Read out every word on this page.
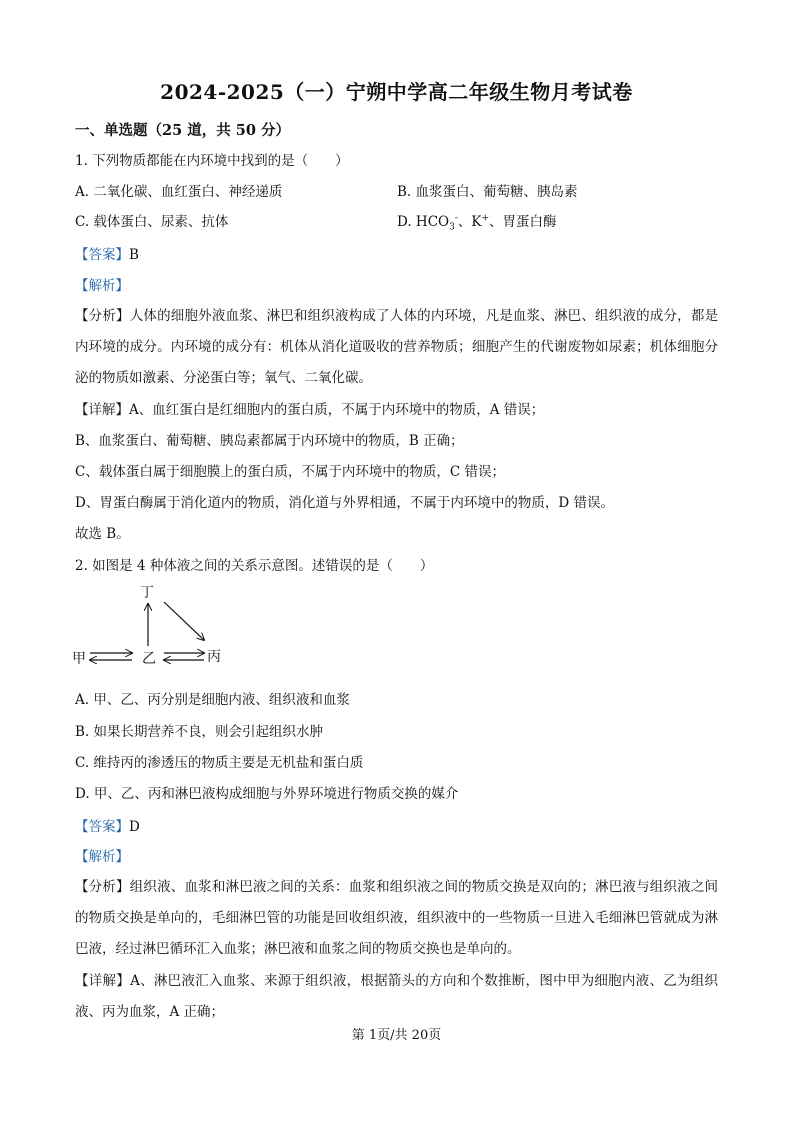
2024-2025（一）宁朔中学高二年级生物月考试卷
一、单选题（25 道，共 50 分）
1. 下列物质都能在内环境中找到的是（　　）
A. 二氧化碳、血红蛋白、神经递质	B. 血浆蛋白、葡萄糖、胰岛素
C. 载体蛋白、尿素、抗体	D. $HCO_3^-$、K+、胃蛋白酶
【答案】B
【解析】
【分析】人体的细胞外液血浆、淋巴和组织液构成了人体的内环境，凡是血浆、淋巴、组织液的成分，都是内环境的成分。内环境的成分有：机体从消化道吸收的营养物质；细胞产生的代谢废物如尿素；机体细胞分泌的物质如激素、分泌蛋白等；氧气、二氧化碳。
【详解】A、血红蛋白是红细胞内的蛋白质，不属于内环境中的物质，A 错误；
B、血浆蛋白、葡萄糖、胰岛素都属于内环境中的物质，B 正确；
C、载体蛋白属于细胞膜上的蛋白质，不属于内环境中的物质，C 错误；
D、胃蛋白酶属于消化道内的物质，消化道与外界相通，不属于内环境中的物质，D 错误。
故选 B。
2. 如图是 4 种体液之间的关系示意图。述错误的是（　　）
丁
甲	乙	丙
A. 甲、乙、丙分别是细胞内液、组织液和血浆
B. 如果长期营养不良，则会引起组织水肿
C. 维持丙的渗透压的物质主要是无机盐和蛋白质
D. 甲、乙、丙和淋巴液构成细胞与外界环境进行物质交换的媒介
【答案】D
【解析】
【分析】组织液、血浆和淋巴液之间的关系：血浆和组织液之间的物质交换是双向的；淋巴液与组织液之间的物质交换是单向的，毛细淋巴管的功能是回收组织液，组织液中的一些物质一旦进入毛细淋巴管就成为淋巴液，经过淋巴循环汇入血浆；淋巴液和血浆之间的物质交换也是单向的。
【详解】A、淋巴液汇入血浆、来源于组织液，根据箭头的方向和个数推断，图中甲为细胞内液、乙为组织液、丙为血浆，A 正确；
第 1页/共 20页
